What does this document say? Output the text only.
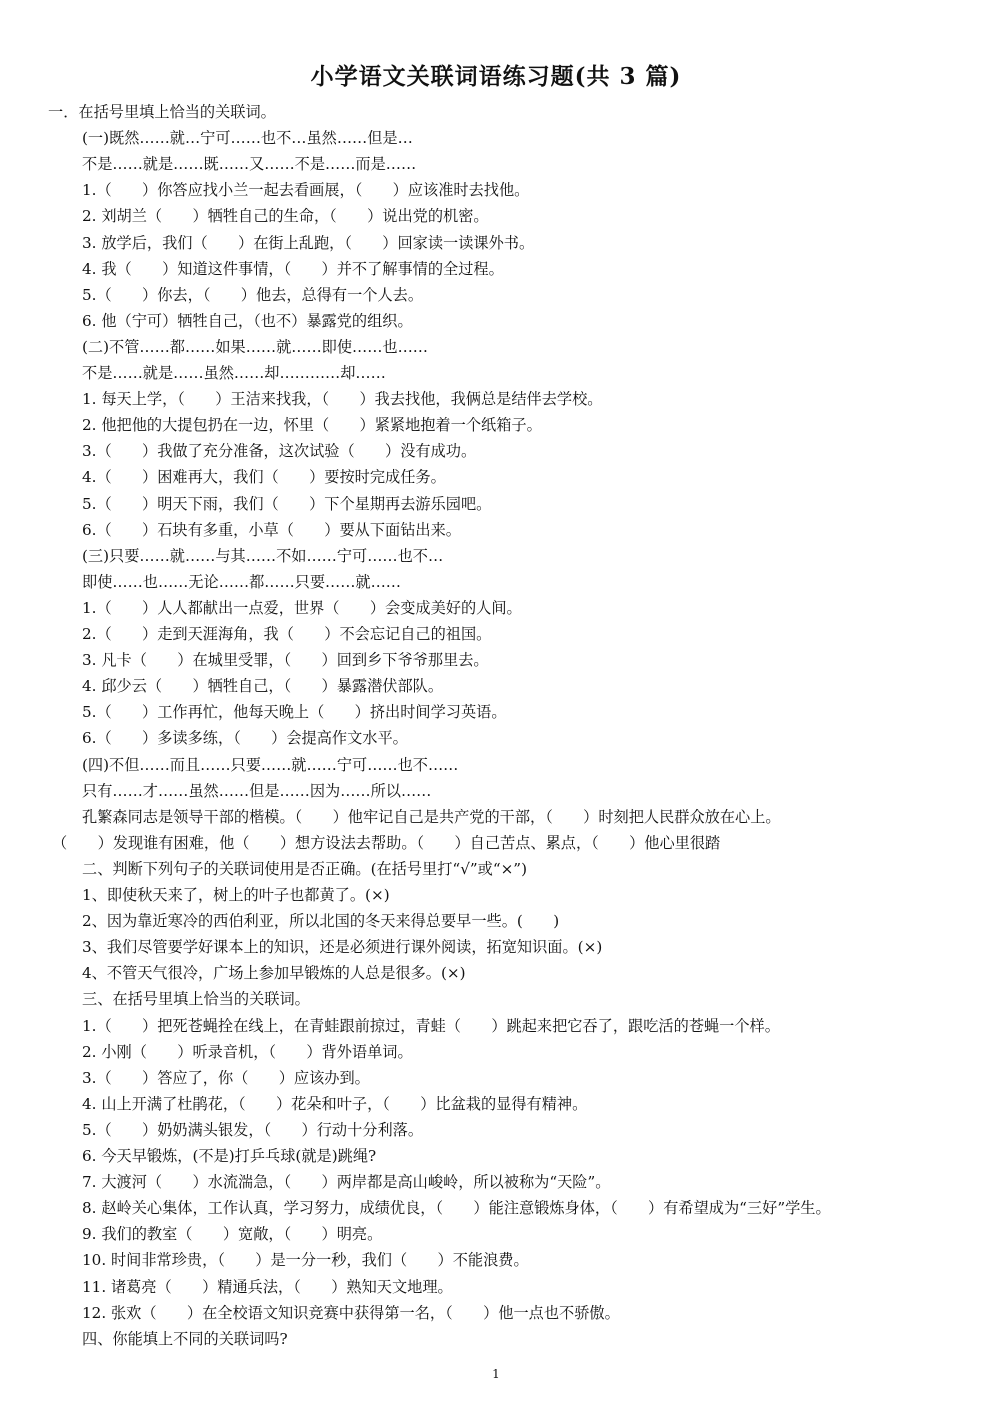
小学语文关联词语练习题(共 3 篇)
一．在括号里填上恰当的关联词。
(一)既然……就…宁可……也不…虽然……但是…
不是……就是……既……又……不是……而是……
1.（　　）你答应找小兰一起去看画展，（　　）应该准时去找他。
2. 刘胡兰（　　）牺牲自己的生命，（　　）说出党的机密。
3. 放学后，我们（　　）在街上乱跑，（　　）回家读一读课外书。
4. 我（　　）知道这件事情，（　　）并不了解事情的全过程。
5.（　　）你去，（　　）他去，总得有一个人去。
6. 他（宁可）牺牲自己，（也不）暴露党的组织。
(二)不管……都……如果……就……即使……也……
不是……就是……虽然……却…………却……
1. 每天上学，（　　）王洁来找我，（　　）我去找他，我俩总是结伴去学校。
2. 他把他的大提包扔在一边，怀里（　　）紧紧地抱着一个纸箱子。
3.（　　）我做了充分准备，这次试验（　　）没有成功。
4.（　　）困难再大，我们（　　）要按时完成任务。
5.（　　）明天下雨，我们（　　）下个星期再去游乐园吧。
6.（　　）石块有多重，小草（　　）要从下面钻出来。
(三)只要……就……与其……不如……宁可……也不…
即使……也……无论……都……只要……就……
1.（　　）人人都献出一点爱，世界（　　）会变成美好的人间。
2.（　　）走到天涯海角，我（　　）不会忘记自己的祖国。
3. 凡卡（　　）在城里受罪，（　　）回到乡下爷爷那里去。
4. 邱少云（　　）牺牲自己，（　　）暴露潜伏部队。
5.（　　）工作再忙，他每天晚上（　　）挤出时间学习英语。
6.（　　）多读多练，（　　）会提高作文水平。
(四)不但……而且……只要……就……宁可……也不……
只有……才……虽然……但是……因为……所以……
孔繁森同志是领导干部的楷模。（　　）他牢记自己是共产党的干部，（　　）时刻把人民群众放在心上。
（　　）发现谁有困难，他（　　）想方设法去帮助。（　　）自己苦点、累点，（　　）他心里很踏
二、判断下列句子的关联词使用是否正确。(在括号里打“√”或“×”)
1、即使秋天来了，树上的叶子也都黄了。(×)
2、因为靠近寒冷的西伯利亚，所以北国的冬天来得总要早一些。(　　)
3、我们尽管要学好课本上的知识，还是必须进行课外阅读，拓宽知识面。(×)
4、不管天气很冷，广场上参加早锻炼的人总是很多。(×)
三、在括号里填上恰当的关联词。
1.（　　）把死苍蝇拴在线上，在青蛙跟前掠过，青蛙（　　）跳起来把它吞了，跟吃活的苍蝇一个样。
2. 小刚（　　）听录音机，（　　）背外语单词。
3.（　　）答应了，你（　　）应该办到。
4. 山上开满了杜鹃花，（　　）花朵和叶子，（　　）比盆栽的显得有精神。
5.（　　）奶奶满头银发，（　　）行动十分利落。
6. 今天早锻炼，(不是)打乒乓球(就是)跳绳?
7. 大渡河（　　）水流湍急，（　　）两岸都是高山峻岭，所以被称为“天险”。
8. 赵岭关心集体，工作认真，学习努力，成绩优良，（　　）能注意锻炼身体，（　　）有希望成为“三好”学生。
9. 我们的教室（　　）宽敞，（　　）明亮。
10. 时间非常珍贵，（　　）是一分一秒，我们（　　）不能浪费。
11. 诸葛亮（　　）精通兵法，（　　）熟知天文地理。
12. 张欢（　　）在全校语文知识竞赛中获得第一名，（　　）他一点也不骄傲。
四、你能填上不同的关联词吗?
1
